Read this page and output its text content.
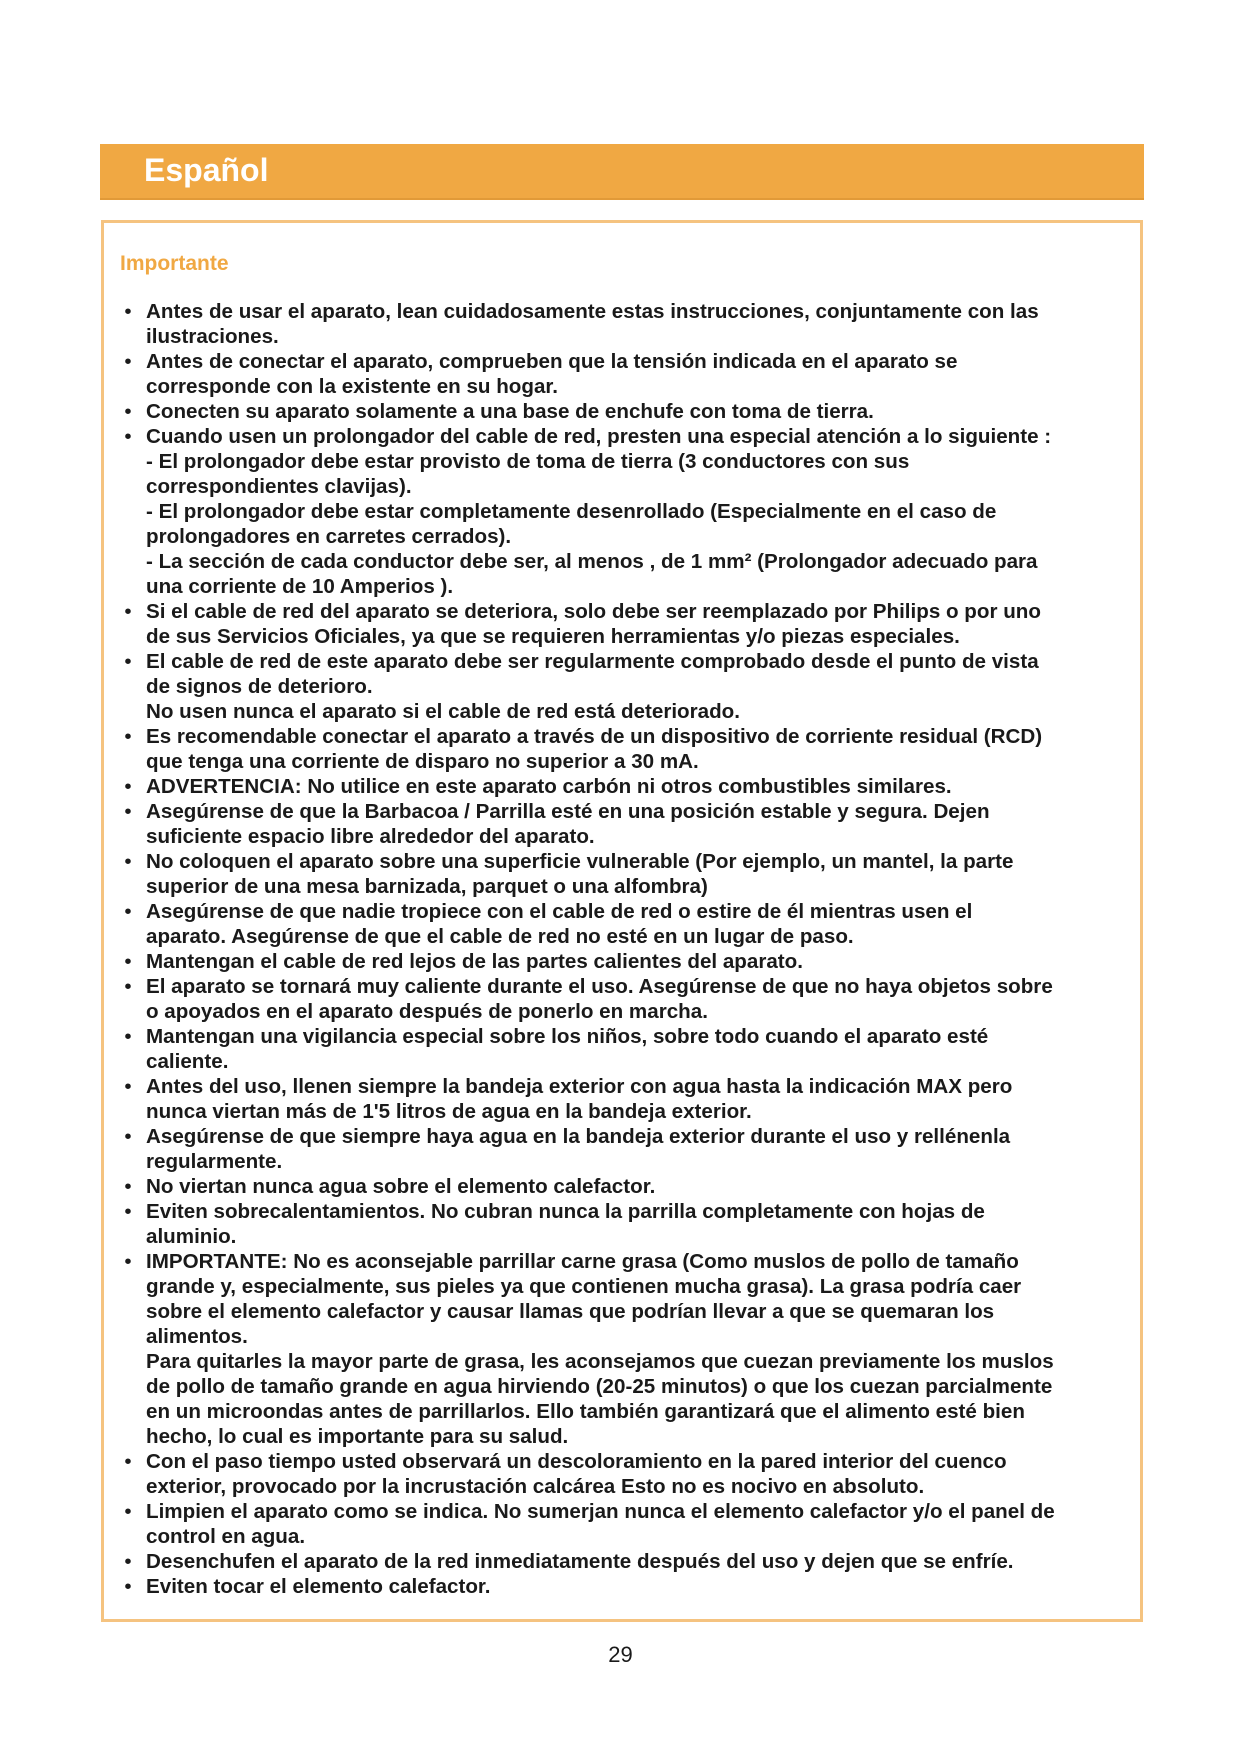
Español
Importante
• Antes de usar el aparato, lean cuidadosamente estas instrucciones, conjuntamente con las
ilustraciones.
• Antes de conectar el aparato, comprueben que la tensión indicada en el aparato se
corresponde con la existente en su hogar.
• Conecten su aparato solamente a una base de enchufe con toma de tierra.
• Cuando usen un prolongador del cable de red, presten una especial atención a lo siguiente :
- El prolongador debe estar provisto de toma de tierra (3 conductores con sus
correspondientes clavijas).
- El prolongador debe estar completamente desenrollado (Especialmente en el caso de
prolongadores en carretes cerrados).
- La sección de cada conductor debe ser, al menos , de 1 mm² (Prolongador adecuado para
una corriente de 10 Amperios ).
• Si el cable de red del aparato se deteriora, solo debe ser reemplazado por Philips o por uno
de sus Servicios Oficiales, ya que se requieren herramientas y/o piezas especiales.
• El cable de red de este aparato debe ser regularmente comprobado desde el punto de vista
de signos de deterioro.
No usen nunca el aparato si el cable de red está deteriorado.
• Es recomendable conectar el aparato a través de un dispositivo de corriente residual (RCD)
que tenga una corriente de disparo no superior a 30 mA.
• ADVERTENCIA: No utilice en este aparato carbón ni otros combustibles similares.
• Asegúrense de que la Barbacoa / Parrilla esté en una posición estable y segura. Dejen
suficiente espacio libre alrededor del aparato.
• No coloquen el aparato sobre una superficie vulnerable (Por ejemplo, un mantel, la parte
superior de una mesa barnizada, parquet o una alfombra)
• Asegúrense de que nadie tropiece con el cable de red o estire de él mientras usen el
aparato. Asegúrense de que el cable de red no esté en un lugar de paso.
• Mantengan el cable de red lejos de las partes calientes del aparato.
• El aparato se tornará muy caliente durante el uso. Asegúrense de que no haya objetos sobre
o apoyados en el aparato después de ponerlo en marcha.
• Mantengan una vigilancia especial sobre los niños, sobre todo cuando el aparato esté
caliente.
• Antes del uso, llenen siempre la bandeja exterior con agua hasta la indicación MAX pero
nunca viertan más de 1'5 litros de agua en la bandeja exterior.
• Asegúrense de que siempre haya agua en la bandeja exterior durante el uso y rellénenla
regularmente.
• No viertan nunca agua sobre el elemento calefactor.
• Eviten sobrecalentamientos. No cubran nunca la parrilla completamente con hojas de
aluminio.
• IMPORTANTE: No es aconsejable parrillar carne grasa (Como muslos de pollo de tamaño
grande y, especialmente, sus pieles ya que contienen mucha grasa). La grasa podría caer
sobre el elemento calefactor y causar llamas que podrían llevar a que se quemaran los
alimentos.
Para quitarles la mayor parte de grasa, les aconsejamos que cuezan previamente los muslos
de pollo de tamaño grande en agua hirviendo (20-25 minutos) o que los cuezan parcialmente
en un microondas antes de parrillarlos. Ello también garantizará que el alimento esté bien
hecho, lo cual es importante para su salud.
• Con el paso tiempo usted observará un descoloramiento en la pared interior del cuenco
exterior, provocado por la incrustación calcárea Esto no es nocivo en absoluto.
• Limpien el aparato como se indica. No sumerjan nunca el elemento calefactor y/o el panel de
control en agua.
• Desenchufen el aparato de la red inmediatamente después del uso y dejen que se enfríe.
• Eviten tocar el elemento calefactor.
29
